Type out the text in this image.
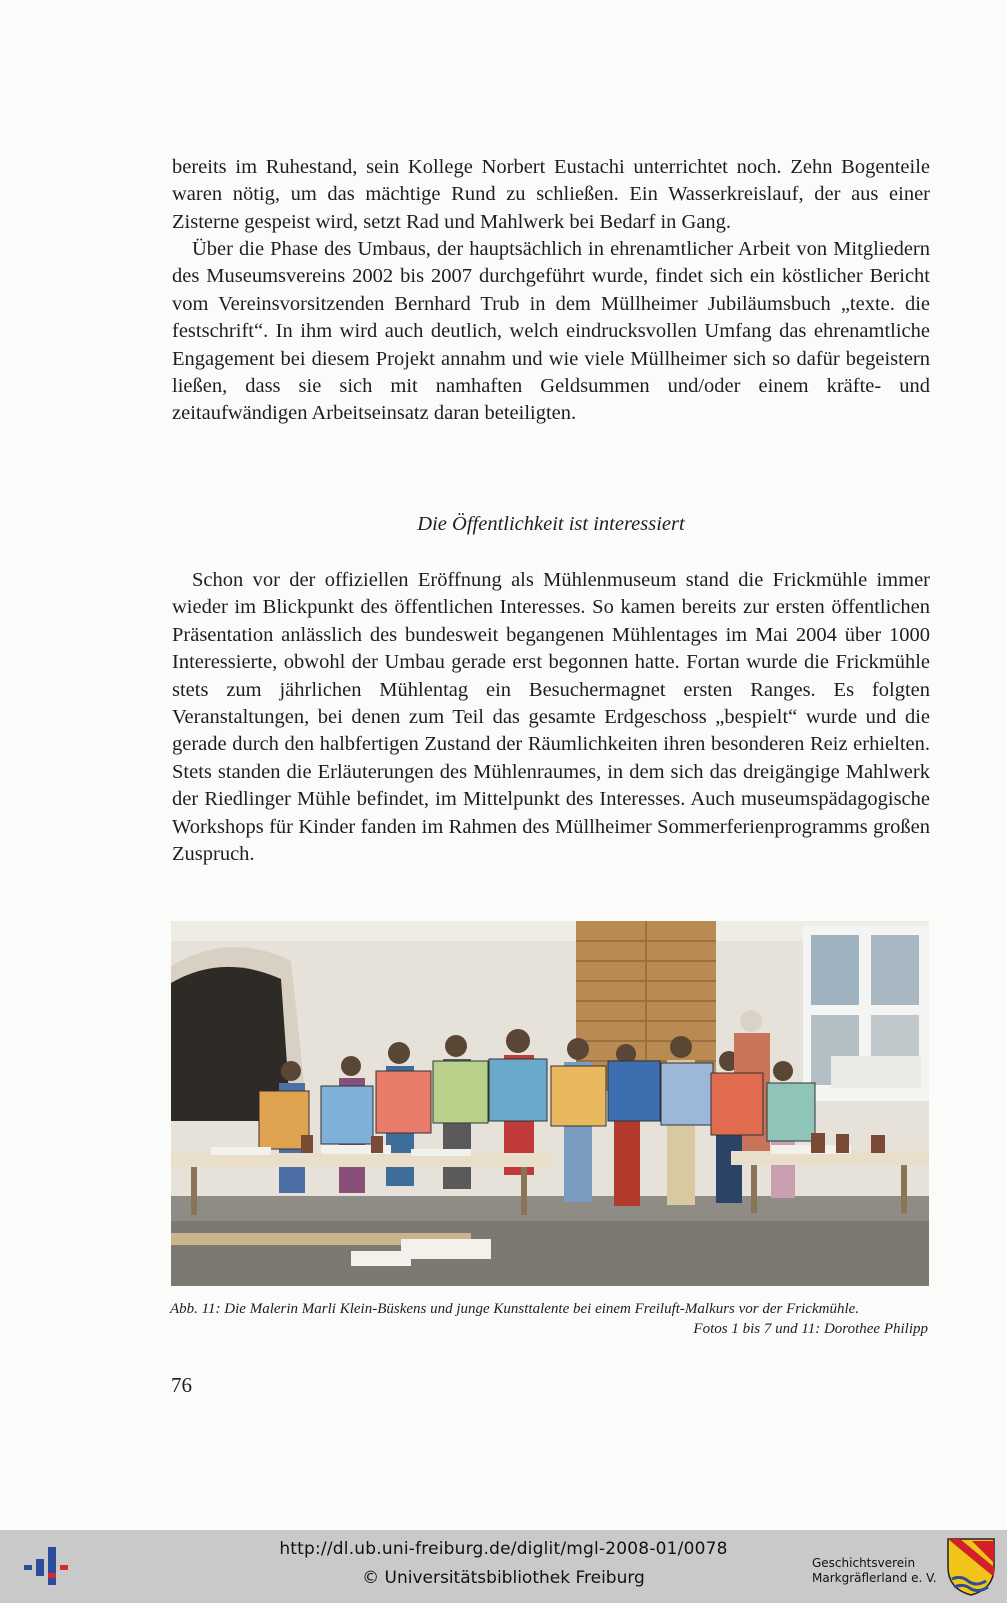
bereits im Ruhestand, sein Kollege Norbert Eustachi unterrichtet noch. Zehn Bogenteile waren nötig, um das mächtige Rund zu schließen. Ein Wasserkreislauf, der aus einer Zisterne gespeist wird, setzt Rad und Mahlwerk bei Bedarf in Gang.

Über die Phase des Umbaus, der hauptsächlich in ehrenamtlicher Arbeit von Mitgliedern des Museumsvereins 2002 bis 2007 durchgeführt wurde, findet sich ein köstlicher Bericht vom Vereinsvorsitzenden Bernhard Trub in dem Müllheimer Jubiläumsbuch „texte. die festschrift“. In ihm wird auch deutlich, welch eindrucksvollen Umfang das ehrenamtliche Engagement bei diesem Projekt annahm und wie viele Müllheimer sich so dafür begeistern ließen, dass sie sich mit namhaften Geldsummen und/oder einem kräfte- und zeitaufwändigen Arbeitseinsatz daran beteiligten.

Die Öffentlichkeit ist interessiert

Schon vor der offiziellen Eröffnung als Mühlenmuseum stand die Frickmühle immer wieder im Blickpunkt des öffentlichen Interesses. So kamen bereits zur ersten öffentlichen Präsentation anlässlich des bundesweit begangenen Mühlentages im Mai 2004 über 1000 Interessierte, obwohl der Umbau gerade erst begonnen hatte. Fortan wurde die Frickmühle stets zum jährlichen Mühlentag ein Besuchermagnet ersten Ranges. Es folgten Veranstaltungen, bei denen zum Teil das gesamte Erdgeschoss „bespielt“ wurde und die gerade durch den halbfertigen Zustand der Räumlichkeiten ihren besonderen Reiz erhielten. Stets standen die Erläuterungen des Mühlenraumes, in dem sich das dreigängige Mahlwerk der Riedlinger Mühle befindet, im Mittelpunkt des Interesses. Auch museumspädagogische Workshops für Kinder fanden im Rahmen des Müllheimer Sommerferienprogramms großen Zuspruch.

Abb. 11: Die Malerin Marli Klein-Büskens und junge Kunsttalente bei einem Freiluft-Malkurs vor der Frickmühle.
Fotos 1 bis 7 und 11: Dorothee Philipp

76

http://dl.ub.uni-freiburg.de/diglit/mgl-2008-01/0078
© Universitätsbibliothek Freiburg
Geschichtsverein
Markgräflerland e. V.
